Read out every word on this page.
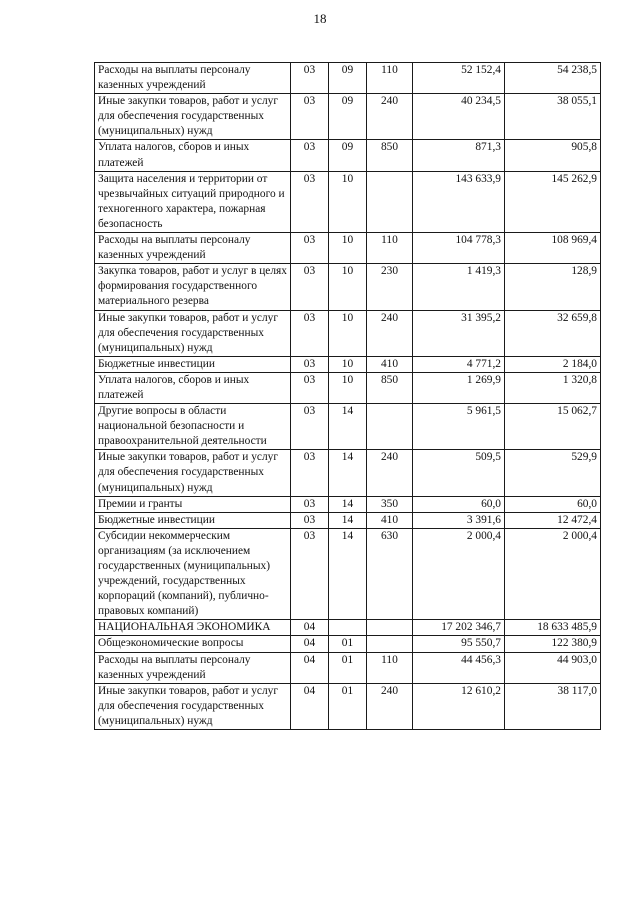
18
Расходы на выплаты персоналу казенных учреждений	03	09	110	52 152,4	54 238,5
Иные закупки товаров, работ и услуг для обеспечения государственных (муниципальных) нужд	03	09	240	40 234,5	38 055,1
Уплата налогов, сборов и иных платежей	03	09	850	871,3	905,8
Защита населения и территории от чрезвычайных ситуаций природного и техногенного характера, пожарная безопасность	03	10		143 633,9	145 262,9
Расходы на выплаты персоналу казенных учреждений	03	10	110	104 778,3	108 969,4
Закупка товаров, работ и услуг в целях формирования государственного материального резерва	03	10	230	1 419,3	128,9
Иные закупки товаров, работ и услуг для обеспечения государственных (муниципальных) нужд	03	10	240	31 395,2	32 659,8
Бюджетные инвестиции	03	10	410	4 771,2	2 184,0
Уплата налогов, сборов и иных платежей	03	10	850	1 269,9	1 320,8
Другие вопросы в области национальной безопасности и правоохранительной деятельности	03	14		5 961,5	15 062,7
Иные закупки товаров, работ и услуг для обеспечения государственных (муниципальных) нужд	03	14	240	509,5	529,9
Премии и гранты	03	14	350	60,0	60,0
Бюджетные инвестиции	03	14	410	3 391,6	12 472,4
Субсидии некоммерческим организациям (за исключением государственных (муниципальных) учреждений, государственных корпораций (компаний), публично-правовых компаний)	03	14	630	2 000,4	2 000,4
НАЦИОНАЛЬНАЯ ЭКОНОМИКА	04			17 202 346,7	18 633 485,9
Общеэкономические вопросы	04	01		95 550,7	122 380,9
Расходы на выплаты персоналу казенных учреждений	04	01	110	44 456,3	44 903,0
Иные закупки товаров, работ и услуг для обеспечения государственных (муниципальных) нужд	04	01	240	12 610,2	38 117,0
